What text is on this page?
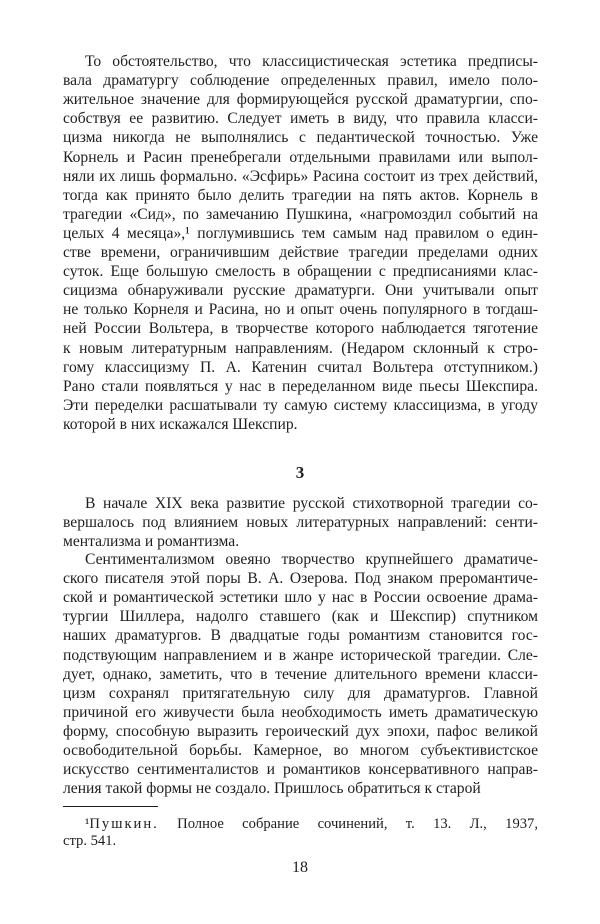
То обстоятельство, что классицистическая эстетика предписы-
вала драматургу соблюдение определенных правил, имело поло-
жительное значение для формирующейся русской драматургии, спо-
собствуя ее развитию. Следует иметь в виду, что правила класси-
цизма никогда не выполнялись с педантической точностью. Уже
Корнель и Расин пренебрегали отдельными правилами или выпол-
няли их лишь формально. «Эсфирь» Расина состоит из трех действий,
тогда как принято было делить трагедии на пять актов. Корнель в
трагедии «Сид», по замечанию Пушкина, «нагромоздил событий на
целых 4 месяца»,¹ поглумившись тем самым над правилом о един-
стве времени, ограничившим действие трагедии пределами одних
суток. Еще большую смелость в обращении с предписаниями клас-
сицизма обнаруживали русские драматурги. Они учитывали опыт
не только Корнеля и Расина, но и опыт очень популярного в тогдаш-
ней России Вольтера, в творчестве которого наблюдается тяготение
к новым литературным направлениям. (Недаром склонный к стро-
гому классицизму П. А. Катенин считал Вольтера отступником.)
Рано стали появляться у нас в переделанном виде пьесы Шекспира.
Эти переделки расшатывали ту самую систему классицизма, в угоду
которой в них искажался Шекспир.
3
В начале XIX века развитие русской стихотворной трагедии со-
вершалось под влиянием новых литературных направлений: сенти-
ментализма и романтизма.
Сентиментализмом овеяно творчество крупнейшего драматиче-
ского писателя этой поры В. А. Озерова. Под знаком преромантиче-
ской и романтической эстетики шло у нас в России освоение драма-
тургии Шиллера, надолго ставшего (как и Шекспир) спутником
наших драматургов. В двадцатые годы романтизм становится гос-
подствующим направлением и в жанре исторической трагедии. Сле-
дует, однако, заметить, что в течение длительного времени класси-
цизм сохранял притягательную силу для драматургов. Главной
причиной его живучести была необходимость иметь драматическую
форму, способную выразить героический дух эпохи, пафос великой
освободительной борьбы. Камерное, во многом субъективистское
искусство сентименталистов и романтиков консервативного направ-
ления такой формы не создало. Пришлось обратиться к старой
¹Пушкин. Полное собрание сочинений, т. 13. Л., 1937,
стр. 541.
18
